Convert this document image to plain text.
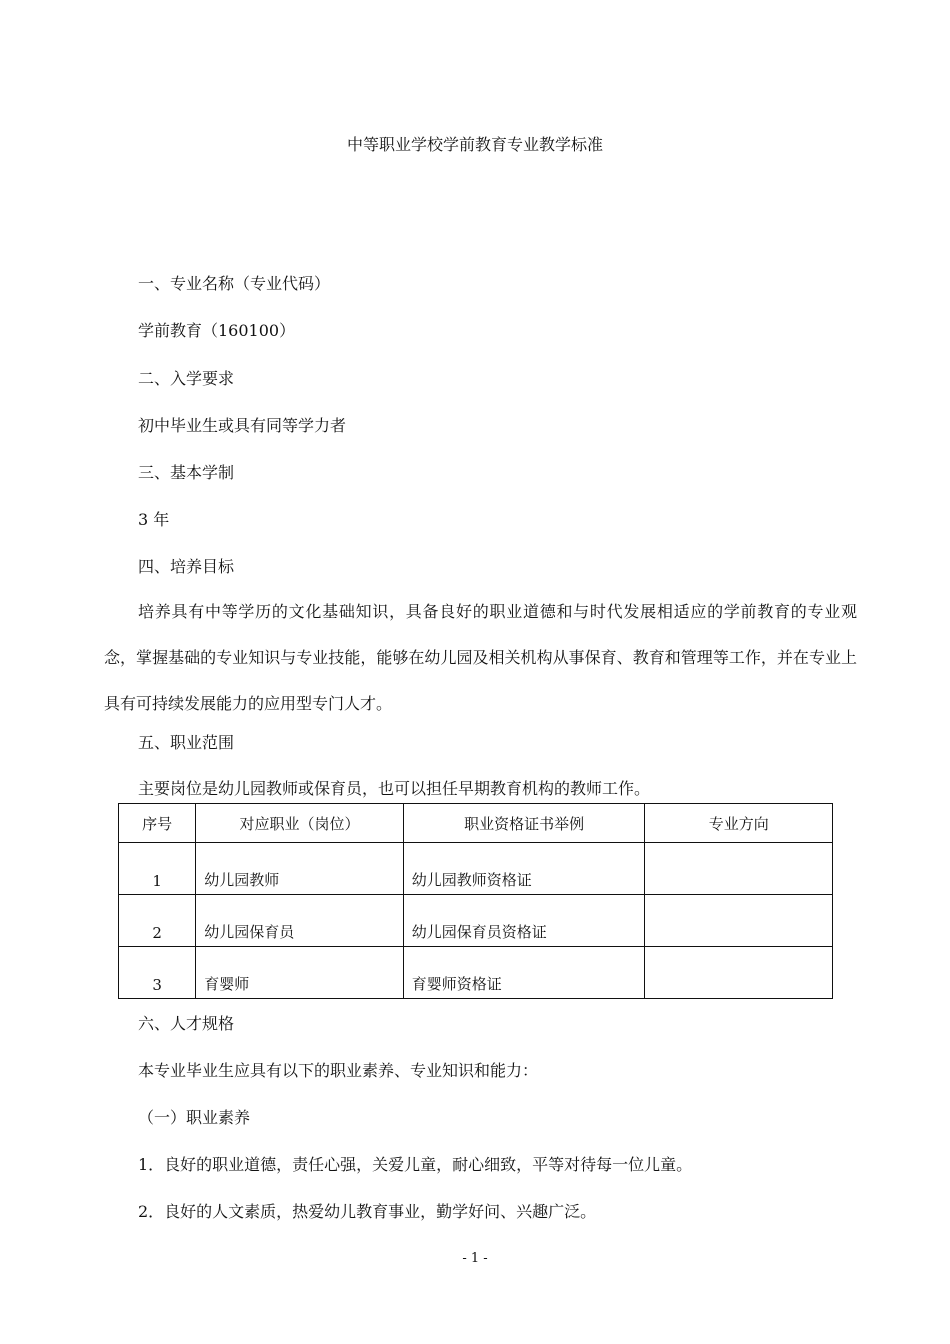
中等职业学校学前教育专业教学标准
一、专业名称（专业代码）
学前教育（160100）
二、入学要求
初中毕业生或具有同等学力者
三、基本学制
3 年
四、培养目标
培养具有中等学历的文化基础知识，具备良好的职业道德和与时代发展相适应的学前教育的专业观念，掌握基础的专业知识与专业技能，能够在幼儿园及相关机构从事保育、教育和管理等工作，并在专业上具有可持续发展能力的应用型专门人才。
五、职业范围
主要岗位是幼儿园教师或保育员，也可以担任早期教育机构的教师工作。
序号	对应职业（岗位）	职业资格证书举例	专业方向
1	幼儿园教师	幼儿园教师资格证	
2	幼儿园保育员	幼儿园保育员资格证	
3	育婴师	育婴师资格证	
六、人才规格
本专业毕业生应具有以下的职业素养、专业知识和能力：
（一）职业素养
1．良好的职业道德，责任心强，关爱儿童，耐心细致，平等对待每一位儿童。
2．良好的人文素质，热爱幼儿教育事业，勤学好问、兴趣广泛。
- 1 -
